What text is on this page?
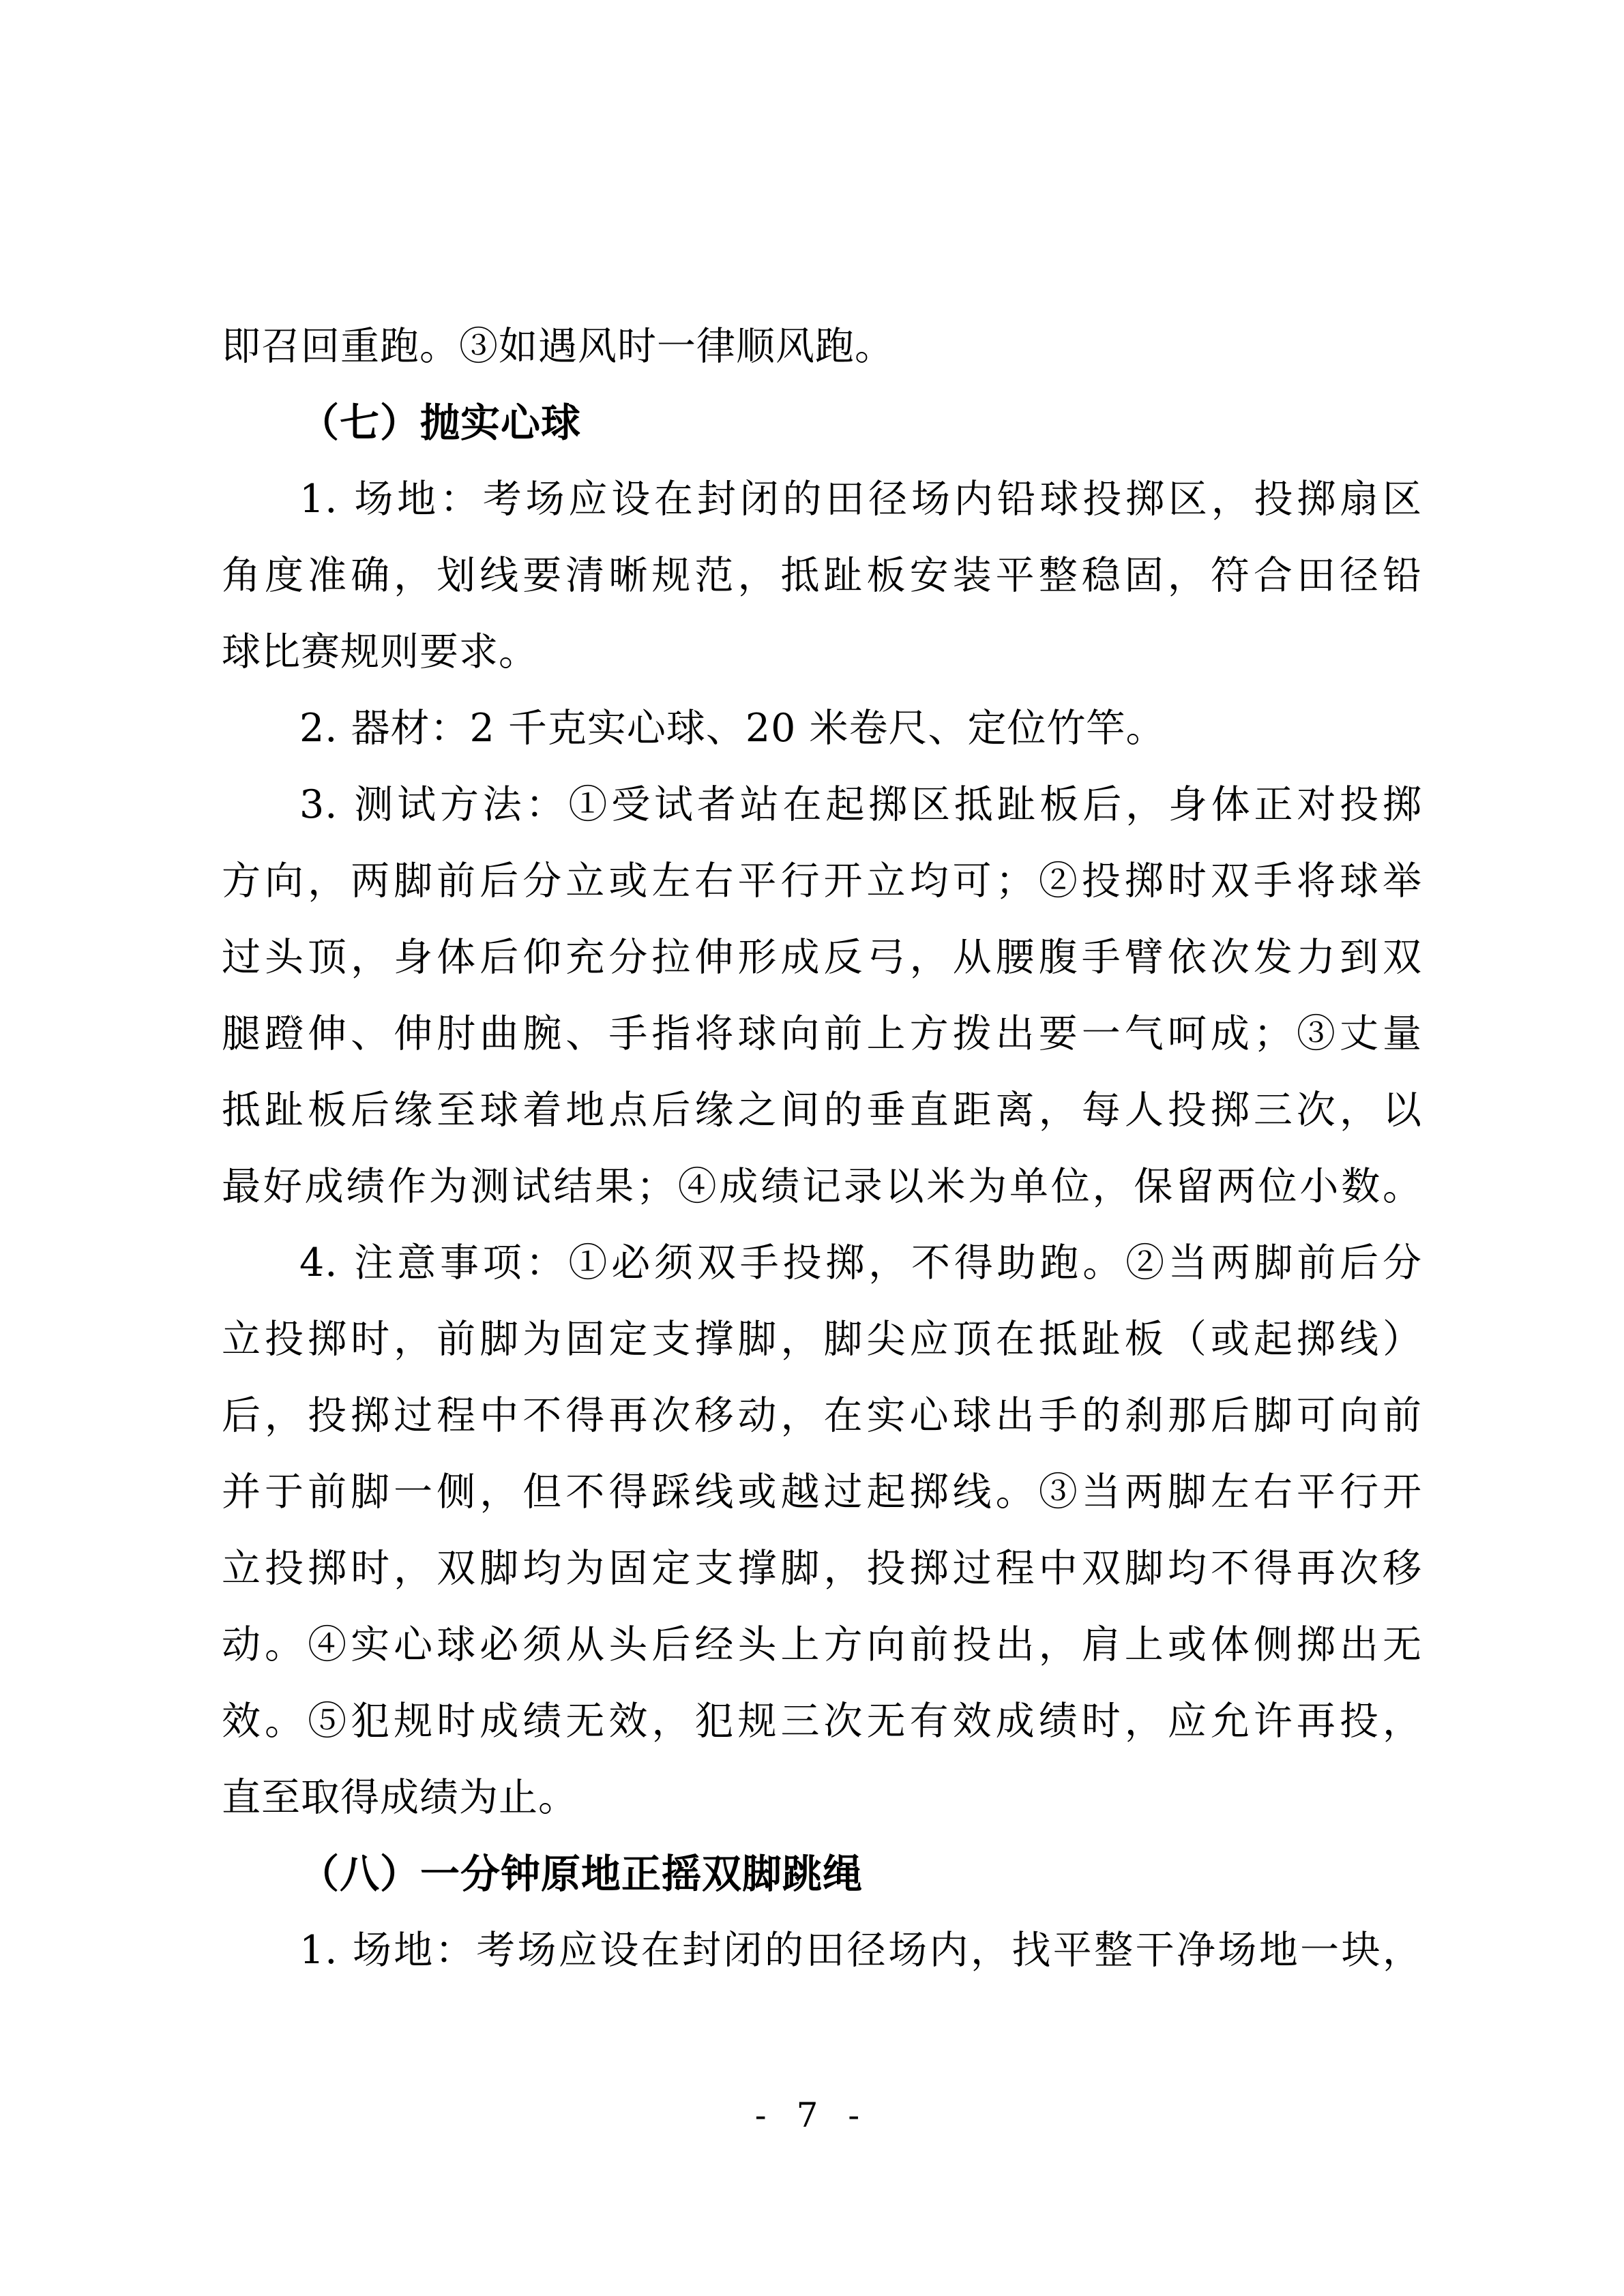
即召回重跑。③如遇风时一律顺风跑。
（七）抛实心球
1. 场地：考场应设在封闭的田径场内铅球投掷区，投掷扇区
角度准确，划线要清晰规范，抵趾板安装平整稳固，符合田径铅
球比赛规则要求。
2. 器材：2 千克实心球、20 米卷尺、定位竹竿。
3. 测试方法：①受试者站在起掷区抵趾板后，身体正对投掷
方向，两脚前后分立或左右平行开立均可；②投掷时双手将球举
过头顶，身体后仰充分拉伸形成反弓，从腰腹手臂依次发力到双
腿蹬伸、伸肘曲腕、手指将球向前上方拨出要一气呵成；③丈量
抵趾板后缘至球着地点后缘之间的垂直距离，每人投掷三次，以
最好成绩作为测试结果；④成绩记录以米为单位，保留两位小数。
4. 注意事项：①必须双手投掷，不得助跑。②当两脚前后分
立投掷时，前脚为固定支撑脚，脚尖应顶在抵趾板（或起掷线）
后，投掷过程中不得再次移动，在实心球出手的刹那后脚可向前
并于前脚一侧，但不得踩线或越过起掷线。③当两脚左右平行开
立投掷时，双脚均为固定支撑脚，投掷过程中双脚均不得再次移
动。④实心球必须从头后经头上方向前投出，肩上或体侧掷出无
效。⑤犯规时成绩无效，犯规三次无有效成绩时，应允许再投，
直至取得成绩为止。
（八）一分钟原地正摇双脚跳绳
1. 场地：考场应设在封闭的田径场内，找平整干净场地一块，
- 7 -
